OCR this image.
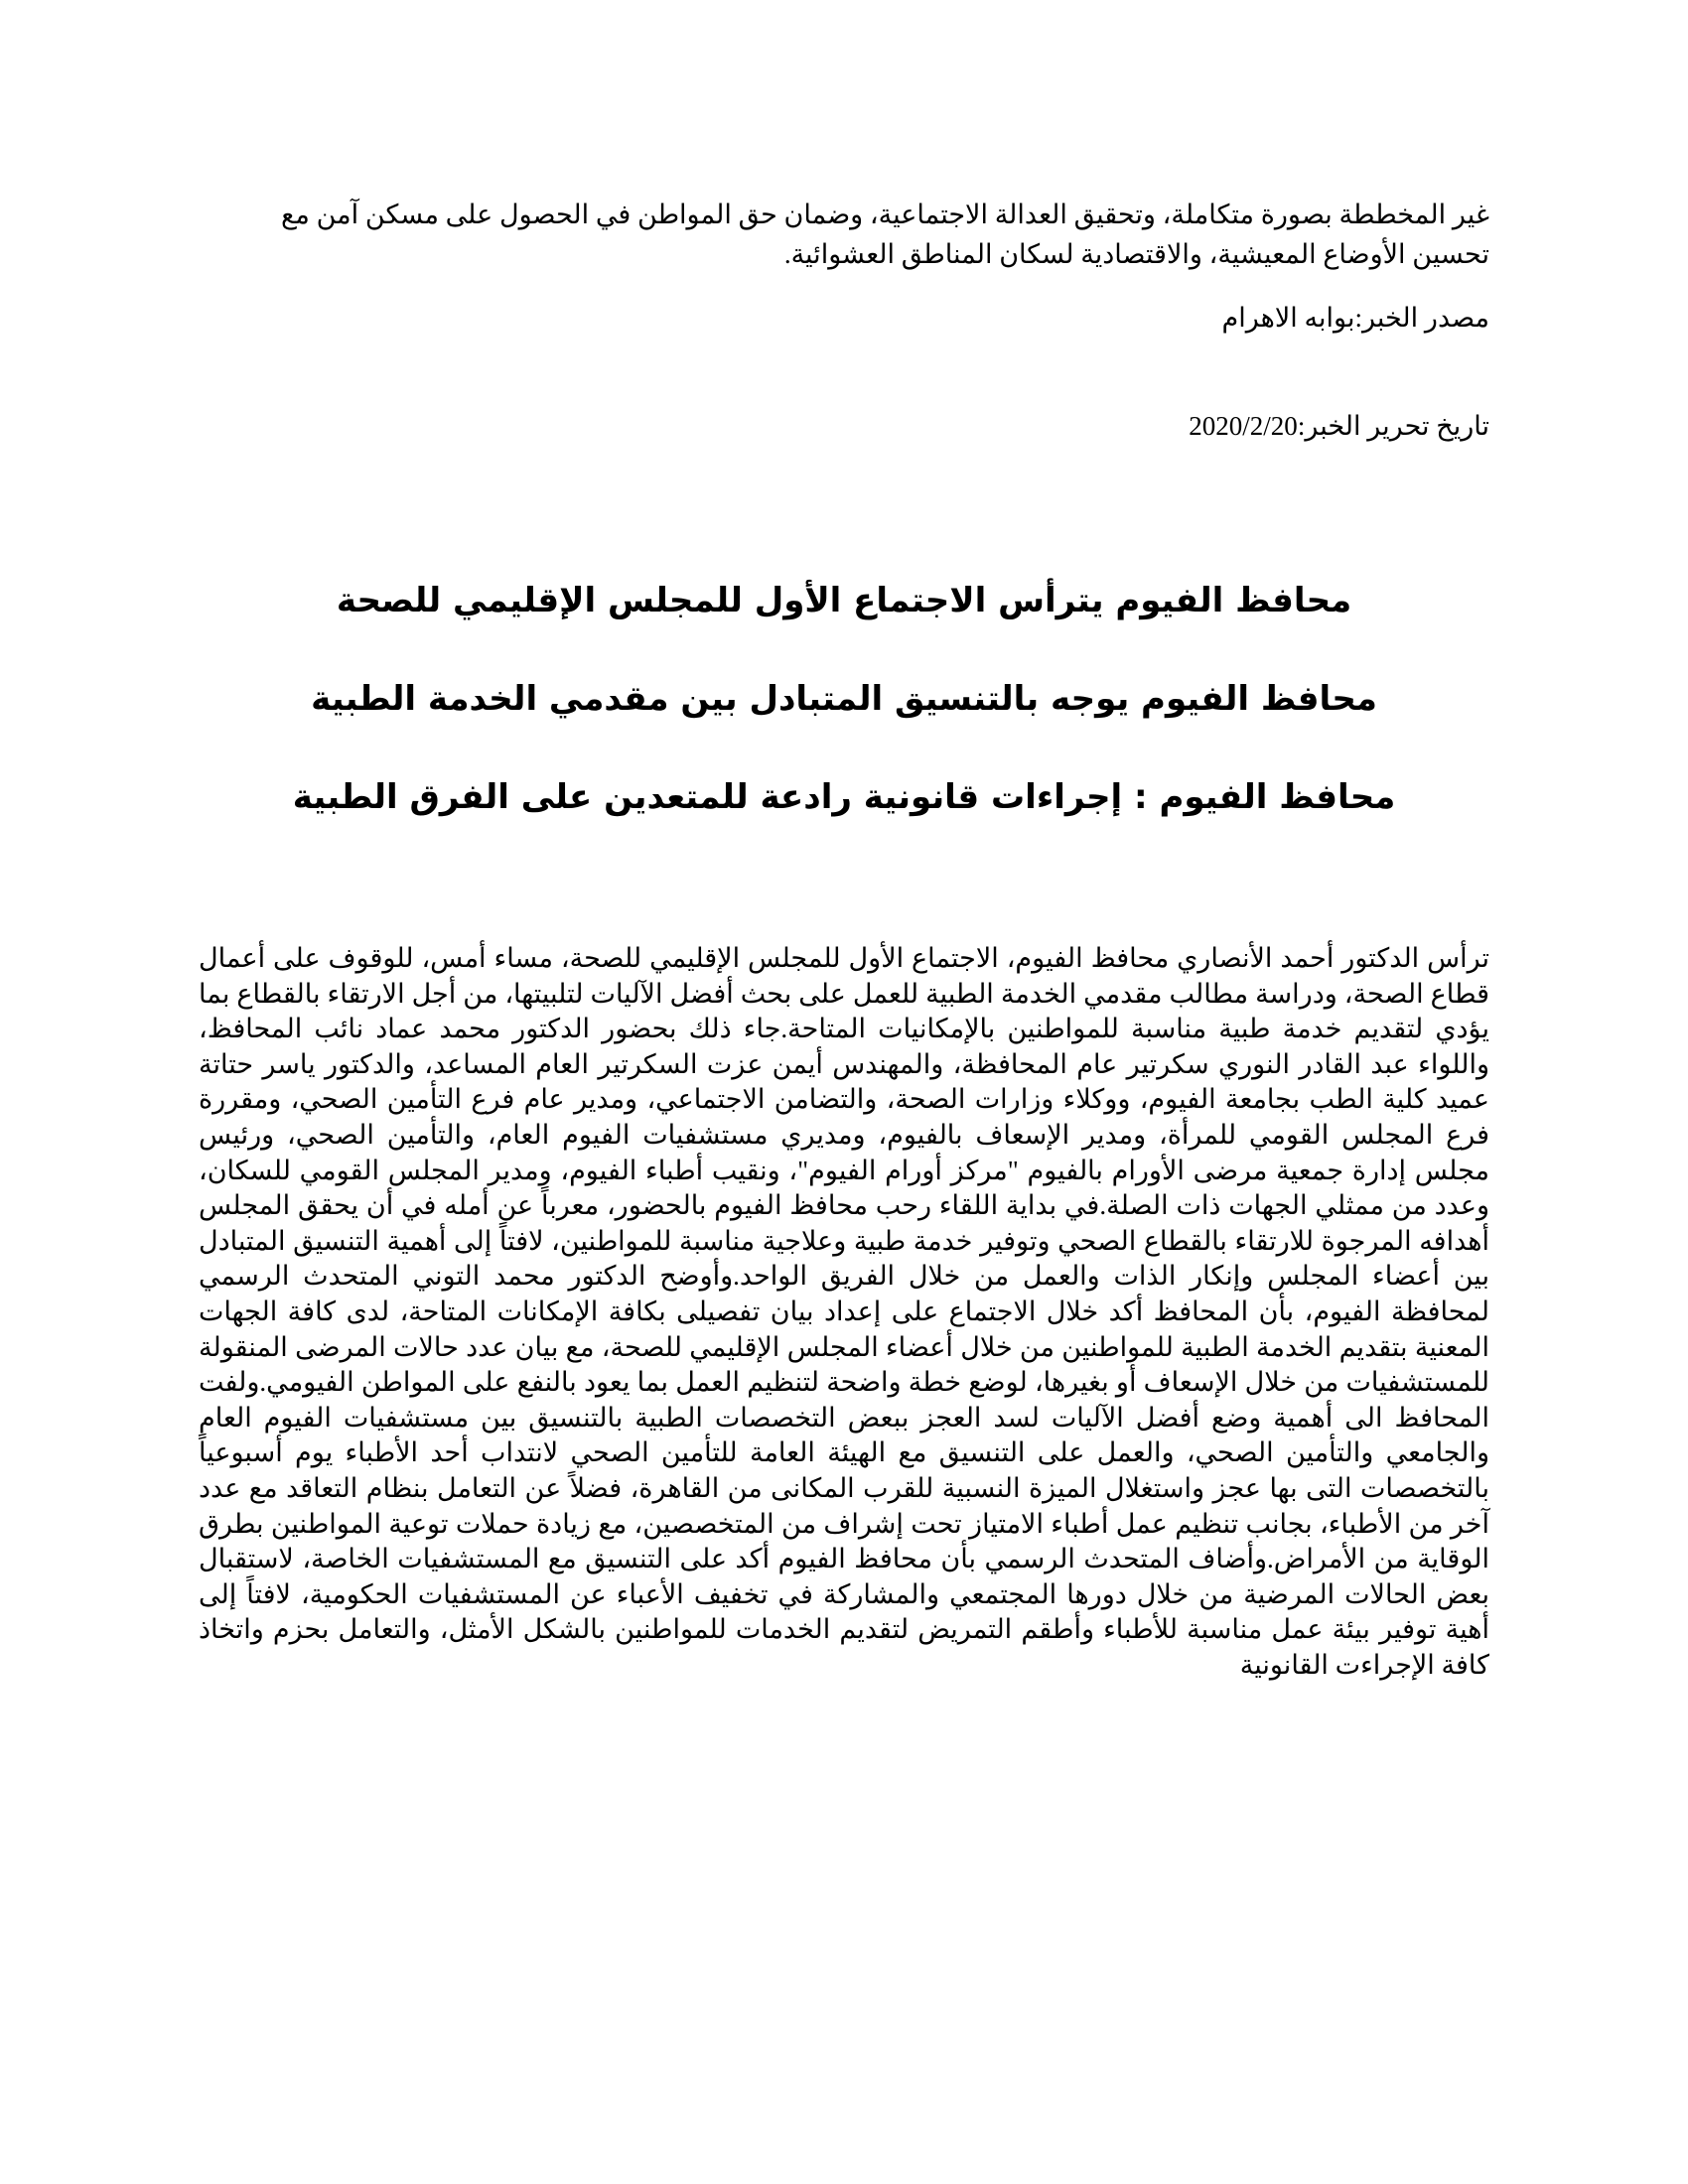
غير المخططة بصورة متكاملة، وتحقيق العدالة الاجتماعية، وضمان حق المواطن في الحصول على مسكن آمن مع تحسين الأوضاع المعيشية، والاقتصادية لسكان المناطق العشوائية.

مصدر الخبر:بوابه الاهرام

تاريخ تحرير الخبر:2020/2/20

محافظ الفيوم يترأس الاجتماع الأول للمجلس الإقليمي للصحة
محافظ الفيوم يوجه بالتنسيق المتبادل بين مقدمي الخدمة الطبية
محافظ الفيوم : إجراءات قانونية رادعة للمتعدين على الفرق الطبية

ترأس الدكتور أحمد الأنصاري محافظ الفيوم، الاجتماع الأول للمجلس الإقليمي للصحة، مساء أمس، للوقوف على أعمال قطاع الصحة، ودراسة مطالب مقدمي الخدمة الطبية للعمل على بحث أفضل الآليات لتلبيتها، من أجل الارتقاء بالقطاع بما يؤدي لتقديم خدمة طبية مناسبة للمواطنين بالإمكانيات المتاحة.جاء ذلك بحضور الدكتور محمد عماد نائب المحافظ، واللواء عبد القادر النوري سكرتير عام المحافظة، والمهندس أيمن عزت السكرتير العام المساعد، والدكتور ياسر حتاتة عميد كلية الطب بجامعة الفيوم، ووكلاء وزارات الصحة، والتضامن الاجتماعي، ومدير عام فرع التأمين الصحي، ومقررة فرع المجلس القومي للمرأة، ومدير الإسعاف بالفيوم، ومديري مستشفيات الفيوم العام، والتأمين الصحي، ورئيس مجلس إدارة جمعية مرضى الأورام بالفيوم "مركز أورام الفيوم"، ونقيب أطباء الفيوم، ومدير المجلس القومي للسكان، وعدد من ممثلي الجهات ذات الصلة.في بداية اللقاء رحب محافظ الفيوم بالحضور، معرباً عن أمله في أن يحقق المجلس أهدافه المرجوة للارتقاء بالقطاع الصحي وتوفير خدمة طبية وعلاجية مناسبة للمواطنين، لافتاً إلى أهمية التنسيق المتبادل بين أعضاء المجلس وإنكار الذات والعمل من خلال الفريق الواحد.وأوضح الدكتور محمد التوني المتحدث الرسمي لمحافظة الفيوم، بأن المحافظ أكد خلال الاجتماع على إعداد بيان تفصيلى بكافة الإمكانات المتاحة، لدى كافة الجهات المعنية بتقديم الخدمة الطبية للمواطنين من خلال أعضاء المجلس الإقليمي للصحة، مع بيان عدد حالات المرضى المنقولة للمستشفيات من خلال الإسعاف أو بغيرها، لوضع خطة واضحة لتنظيم العمل بما يعود بالنفع على المواطن الفيومي.ولفت المحافظ الى أهمية وضع أفضل الآليات لسد العجز ببعض التخصصات الطبية بالتنسيق بين مستشفيات الفيوم العام والجامعي والتأمين الصحي، والعمل على التنسيق مع الهيئة العامة للتأمين الصحي لانتداب أحد الأطباء يوم أسبوعياً بالتخصصات التى بها عجز واستغلال الميزة النسبية للقرب المكانى من القاهرة، فضلاً عن التعامل بنظام التعاقد مع عدد آخر من الأطباء، بجانب تنظيم عمل أطباء الامتياز تحت إشراف من المتخصصين، مع زيادة حملات توعية المواطنين بطرق الوقاية من الأمراض.وأضاف المتحدث الرسمي بأن محافظ الفيوم أكد على التنسيق مع المستشفيات الخاصة، لاستقبال بعض الحالات المرضية من خلال دورها المجتمعي والمشاركة في تخفيف الأعباء عن المستشفيات الحكومية، لافتاً إلى أهية توفير بيئة عمل مناسبة للأطباء وأطقم التمريض لتقديم الخدمات للمواطنين بالشكل الأمثل، والتعامل بحزم واتخاذ كافة الإجراءت القانونية
